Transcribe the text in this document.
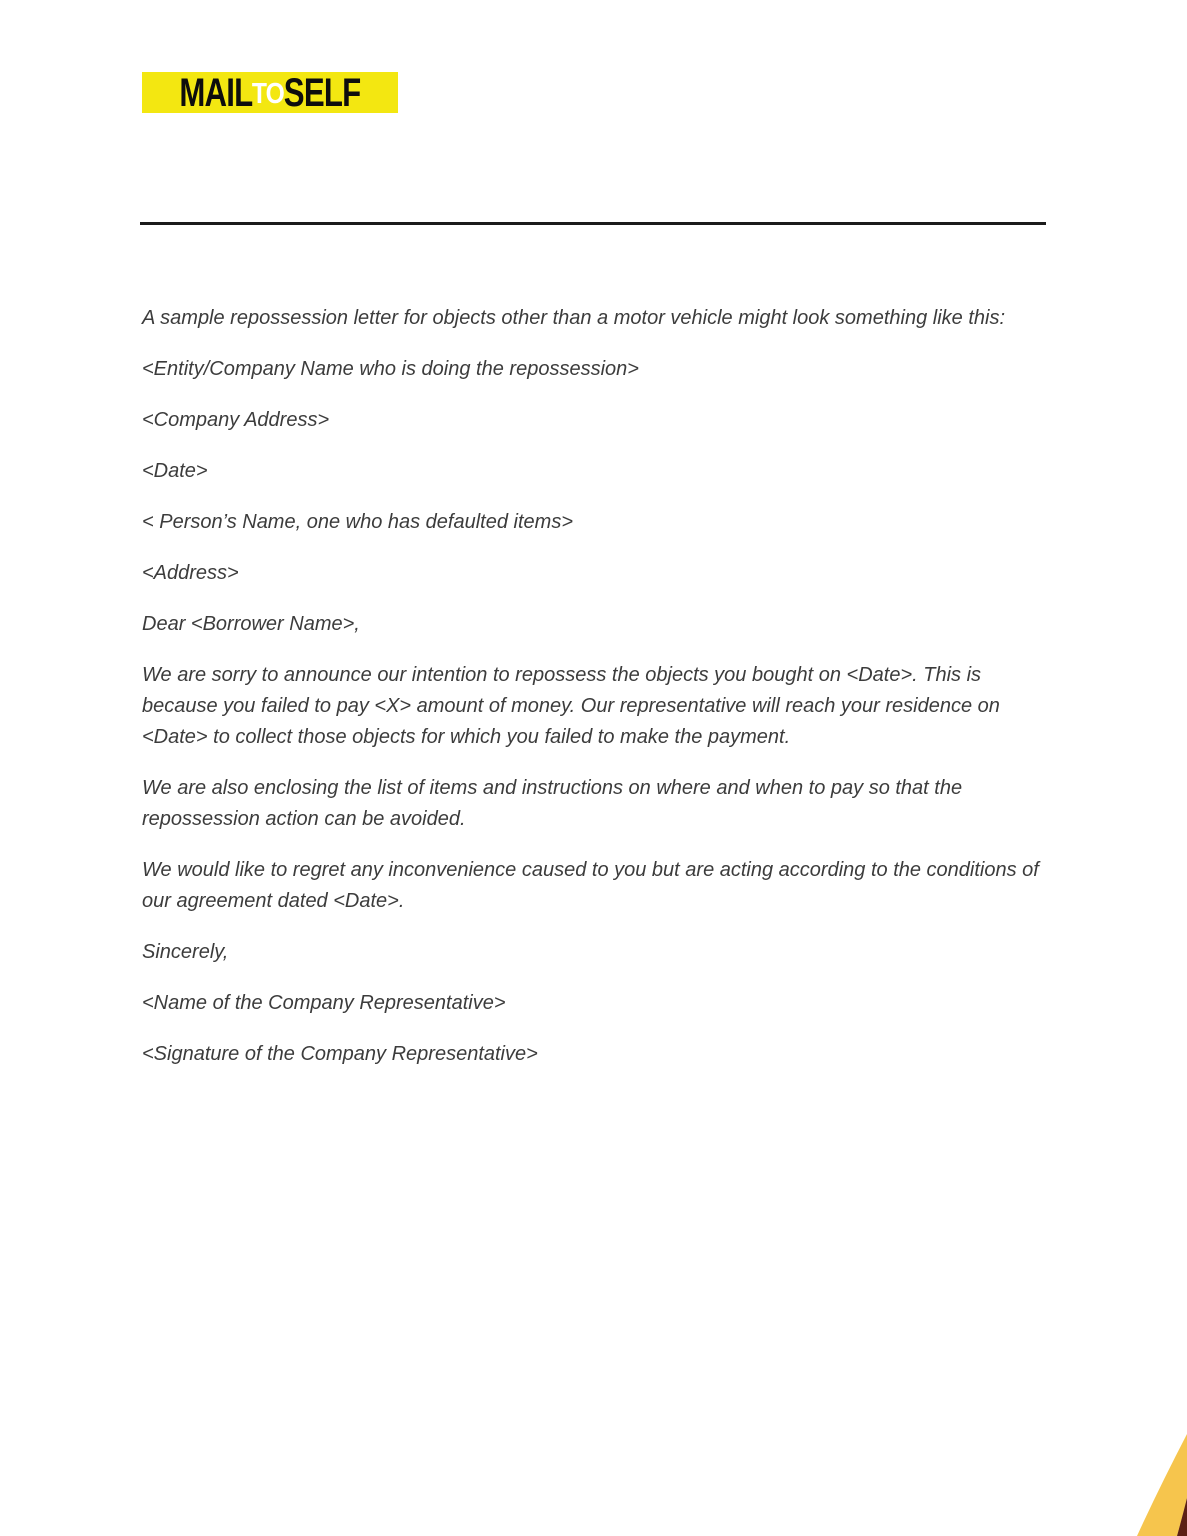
MAIL TO SELF

A sample repossession letter for objects other than a motor vehicle might look something like this:

<Entity/Company Name who is doing the repossession>

<Company Address>

<Date>

< Person’s Name, one who has defaulted items>

<Address>

Dear <Borrower Name>,

We are sorry to announce our intention to repossess the objects you bought on <Date>. This is because you failed to pay <X> amount of money. Our representative will reach your residence on <Date> to collect those objects for which you failed to make the payment.

We are also enclosing the list of items and instructions on where and when to pay so that the repossession action can be avoided.

We would like to regret any inconvenience caused to you but are acting according to the conditions of our agreement dated <Date>.

Sincerely,

<Name of the Company Representative>

<Signature of the Company Representative>
